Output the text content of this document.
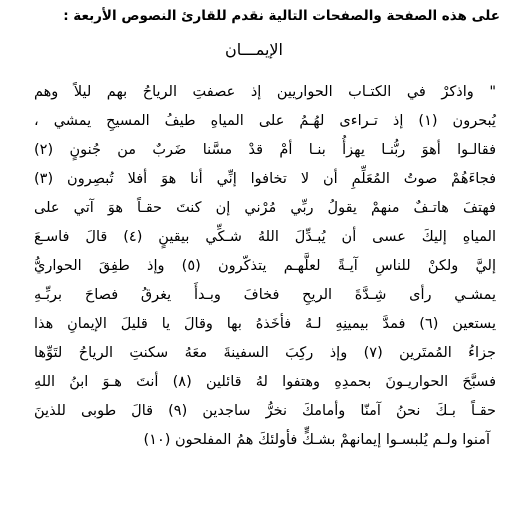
على هذه الصفحة والصفحات التالية نقدم للقارئ النصوص الأربعة :
الإيمـــان
" واذكرْ في الكتـاب الحواريين إذ عصفتِ الرياحُ بهم ليلاً وهم
يُبحرون (١) إذ تـراءى لهُـمُ على المياهِ طيفُ المسيحِ يمشي ،
فقالـوا أهوَ ربُّنـا يهزأُ بنـا أمْ قدْ مسَّنا ضَربٌ من جُنونٍ (٢)
فجاءَهُمْ صوتُ المُعَلِّمِ أن لا تخافوا إنِّي أنا هوَ أفلا تُبصِرون (٣)
فهتفَ هاتـفٌ منهمْ يقولُ ربِّي مُرْني إن كنتَ حقـاً هوَ آتي على
المياهِ إليكَ عسى أن يُبـدِّلَ اللهُ شـكِّي بيقينٍ (٤) قالَ فاسـعَ
إليَّ ولكنْ للناسِ آيـةً لعلَّهـم يتذكّرون (٥) وإذ طفِقَ الحواريُّ
يمشـي رأى شِـدَّةَ الريحِ فخافَ وبـدأَ يغرقُ فصاحَ بربِّـهِ
يستعين (٦) فمدَّ بيمينِهِ لـهُ فأخَذهُ بها وقالَ يا قليلَ الإيمانِ هذا
جزاءُ المُمتَرين (٧) وإذ ركِبَ السفينةَ معَهُ سكنتِ الرياحُ لتَوِّها
فسبَّحَ الحواريـونَ بحمدِهِ وهتفوا لهُ قائلين (٨) أنتَ هـوَ ابنُ اللهِ
حقـاً بـكَ نحنُ آمنّا وأمامكَ نخرُّ ساجدين (٩) قالَ طوبى للذينَ
آمنوا ولـم يُلبسـوا إيمانهمْ بشـكٍّ فأولئكَ همُ المفلحون (١٠)
